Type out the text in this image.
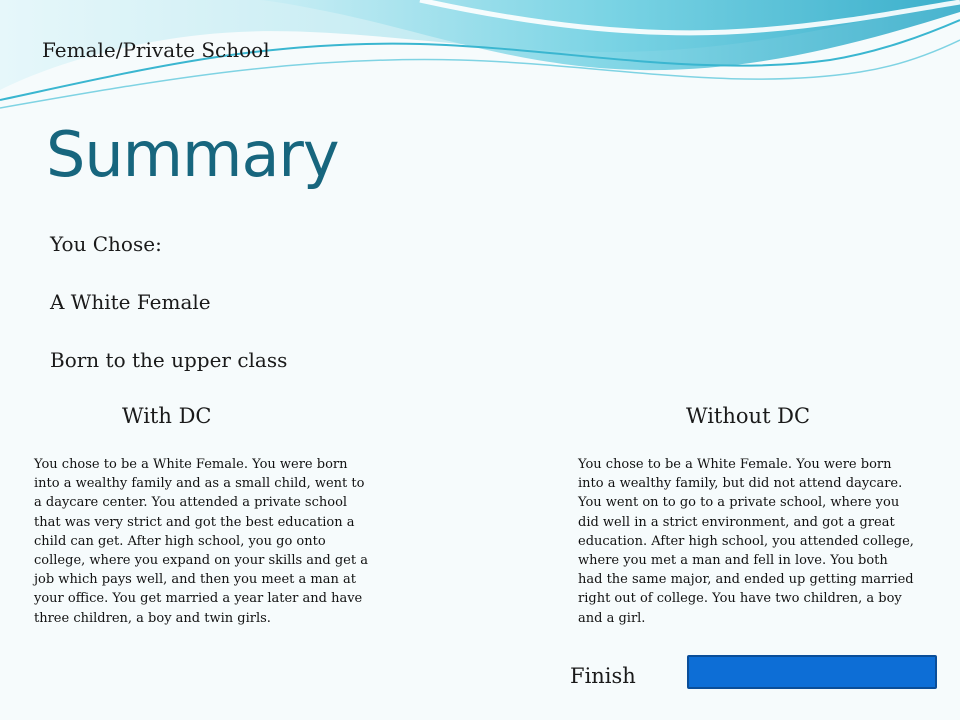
Female/Private School

Summary

You Chose:

A White Female

Born to the upper class

With DC	Without DC

You chose to be a White Female. You were born into a wealthy family and as a small child, went to a daycare center. You attended a private school that was very strict and got the best education a child can get. After high school, you go onto college, where you expand on your skills and get a job which pays well, and then you meet a man at your office. You get married a year later and have three children, a boy and twin girls.

You chose to be a White Female. You were born into a wealthy family, but did not attend daycare. You went on to go to a private school, where you did well in a strict environment, and got a great education. After high school, you attended college, where you met a man and fell in love. You both had the same major, and ended up getting married right out of college. You have two children, a boy and a girl.

Finish
